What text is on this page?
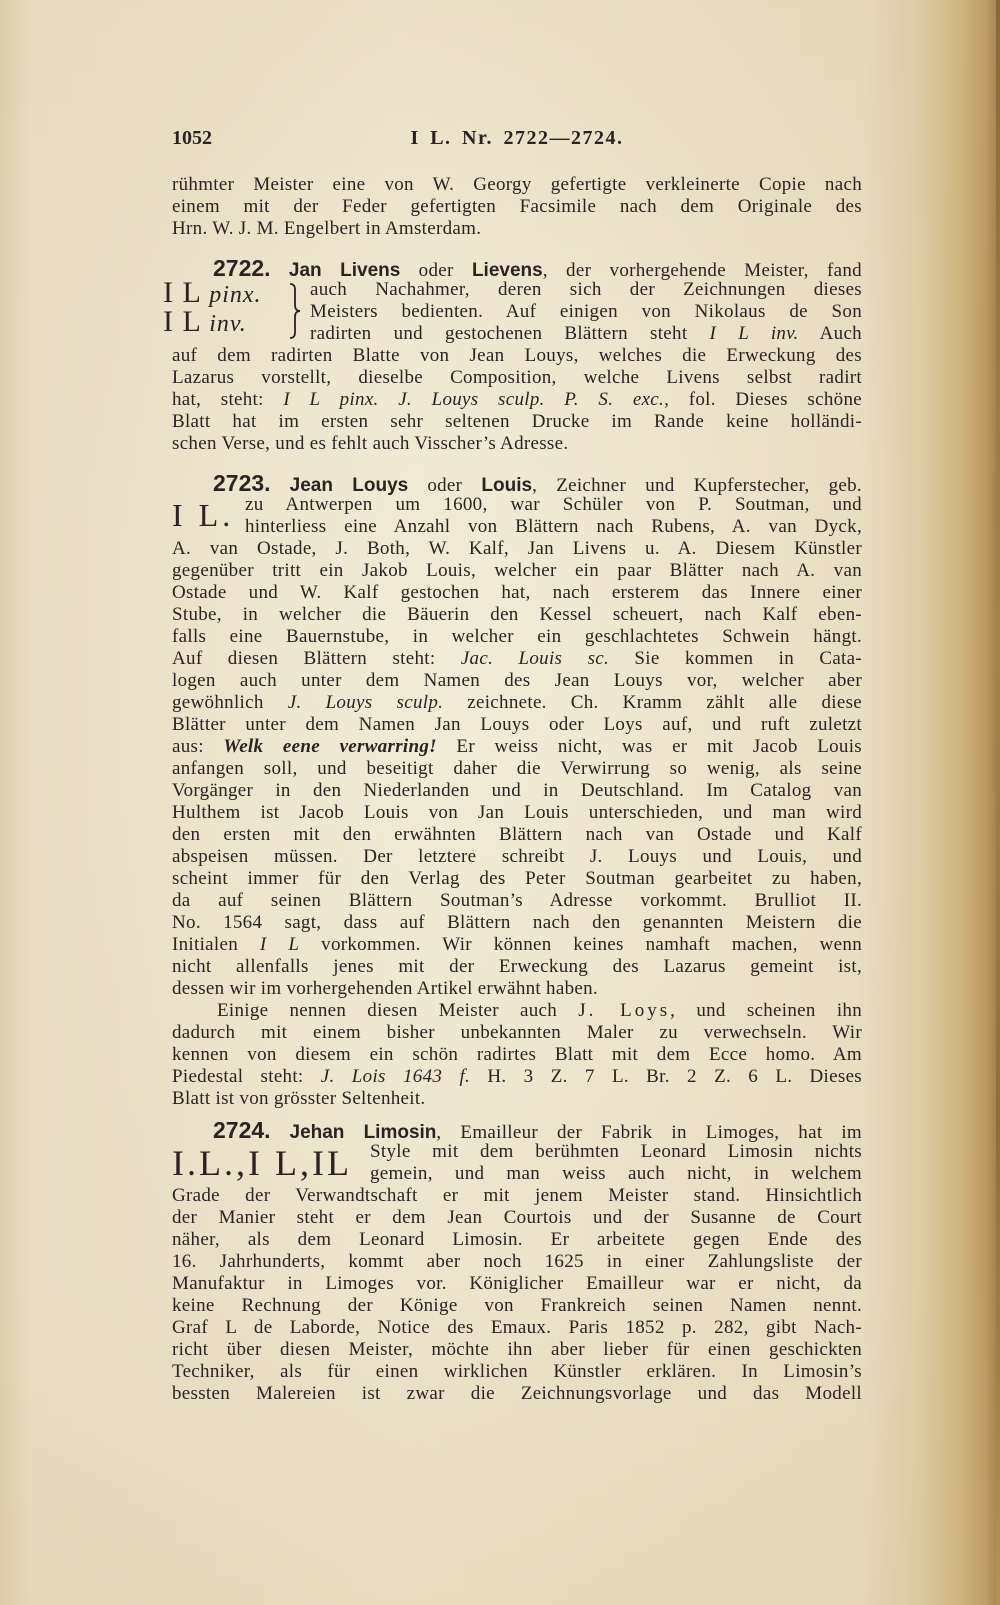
1052	I L. Nr. 2722—2724.
rühmter Meister eine von W. Georgy gefertigte verkleinerte Copie nach
einem mit der Feder gefertigten Facsimile nach dem Originale des
Hrn. W. J. M. Engelbert in Amsterdam.
I L pinx.
I L inv.
2722. Jan Livens oder Lievens, der vorhergehende Meister, fand
auch Nachahmer, deren sich der Zeichnungen dieses
Meisters bedienten. Auf einigen von Nikolaus de Son
radirten und gestochenen Blättern steht I L inv. Auch
auf dem radirten Blatte von Jean Louys, welches die Erweckung des
Lazarus vorstellt, dieselbe Composition, welche Livens selbst radirt
hat, steht: I L pinx. J. Louys sculp. P. S. exc., fol. Dieses schöne
Blatt hat im ersten sehr seltenen Drucke im Rande keine holländi-
schen Verse, und es fehlt auch Visscher’s Adresse.
I L.
2723. Jean Louys oder Louis, Zeichner und Kupferstecher, geb.
zu Antwerpen um 1600, war Schüler von P. Soutman, und
hinterliess eine Anzahl von Blättern nach Rubens, A. van Dyck,
A. van Ostade, J. Both, W. Kalf, Jan Livens u. A. Diesem Künstler
gegenüber tritt ein Jakob Louis, welcher ein paar Blätter nach A. van
Ostade und W. Kalf gestochen hat, nach ersterem das Innere einer
Stube, in welcher die Bäuerin den Kessel scheuert, nach Kalf eben-
falls eine Bauernstube, in welcher ein geschlachtetes Schwein hängt.
Auf diesen Blättern steht: Jac. Louis sc. Sie kommen in Cata-
logen auch unter dem Namen des Jean Louys vor, welcher aber
gewöhnlich J. Louys sculp. zeichnete. Ch. Kramm zählt alle diese
Blätter unter dem Namen Jan Louys oder Loys auf, und ruft zuletzt
aus: Welk eene verwarring! Er weiss nicht, was er mit Jacob Louis
anfangen soll, und beseitigt daher die Verwirrung so wenig, als seine
Vorgänger in den Niederlanden und in Deutschland. Im Catalog van
Hulthem ist Jacob Louis von Jan Louis unterschieden, und man wird
den ersten mit den erwähnten Blättern nach van Ostade und Kalf
abspeisen müssen. Der letztere schreibt J. Louys und Louis, und
scheint immer für den Verlag des Peter Soutman gearbeitet zu haben,
da auf seinen Blättern Soutman’s Adresse vorkommt. Brulliot II.
No. 1564 sagt, dass auf Blättern nach den genannten Meistern die
Initialen I L vorkommen. Wir können keines namhaft machen, wenn
nicht allenfalls jenes mit der Erweckung des Lazarus gemeint ist,
dessen wir im vorhergehenden Artikel erwähnt haben.
Einige nennen diesen Meister auch J. Loys, und scheinen ihn
dadurch mit einem bisher unbekannten Maler zu verwechseln. Wir
kennen von diesem ein schön radirtes Blatt mit dem Ecce homo. Am
Piedestal steht: J. Lois 1643 f. H. 3 Z. 7 L. Br. 2 Z. 6 L. Dieses
Blatt ist von grösster Seltenheit.
I.L.,I L,IL
2724. Jehan Limosin, Emailleur der Fabrik in Limoges, hat im
Style mit dem berühmten Leonard Limosin nichts
gemein, und man weiss auch nicht, in welchem
Grade der Verwandtschaft er mit jenem Meister stand. Hinsichtlich
der Manier steht er dem Jean Courtois und der Susanne de Court
näher, als dem Leonard Limosin. Er arbeitete gegen Ende des
16. Jahrhunderts, kommt aber noch 1625 in einer Zahlungsliste der
Manufaktur in Limoges vor. Königlicher Emailleur war er nicht, da
keine Rechnung der Könige von Frankreich seinen Namen nennt.
Graf L de Laborde, Notice des Emaux. Paris 1852 p. 282, gibt Nach-
richt über diesen Meister, möchte ihn aber lieber für einen geschickten
Techniker, als für einen wirklichen Künstler erklären. In Limosin’s
bessten Malereien ist zwar die Zeichnungsvorlage und das Modell
